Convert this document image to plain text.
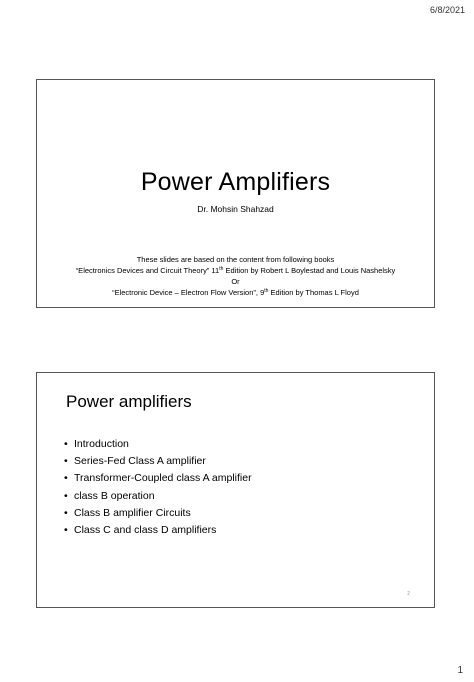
6/8/2021
Power Amplifiers
Dr. Mohsin Shahzad
These slides are based on the content from following books
“Electronics Devices and Circuit Theory” 11th Edition by Robert L Boylestad and Louis Nashelsky
Or
“Electronic Device – Electron Flow Version”, 9th Edition by Thomas L Floyd
Power amplifiers
• Introduction
• Series-Fed Class A amplifier
• Transformer-Coupled class A amplifier
• class B operation
• Class B amplifier Circuits
• Class C and class D amplifiers
2
1
